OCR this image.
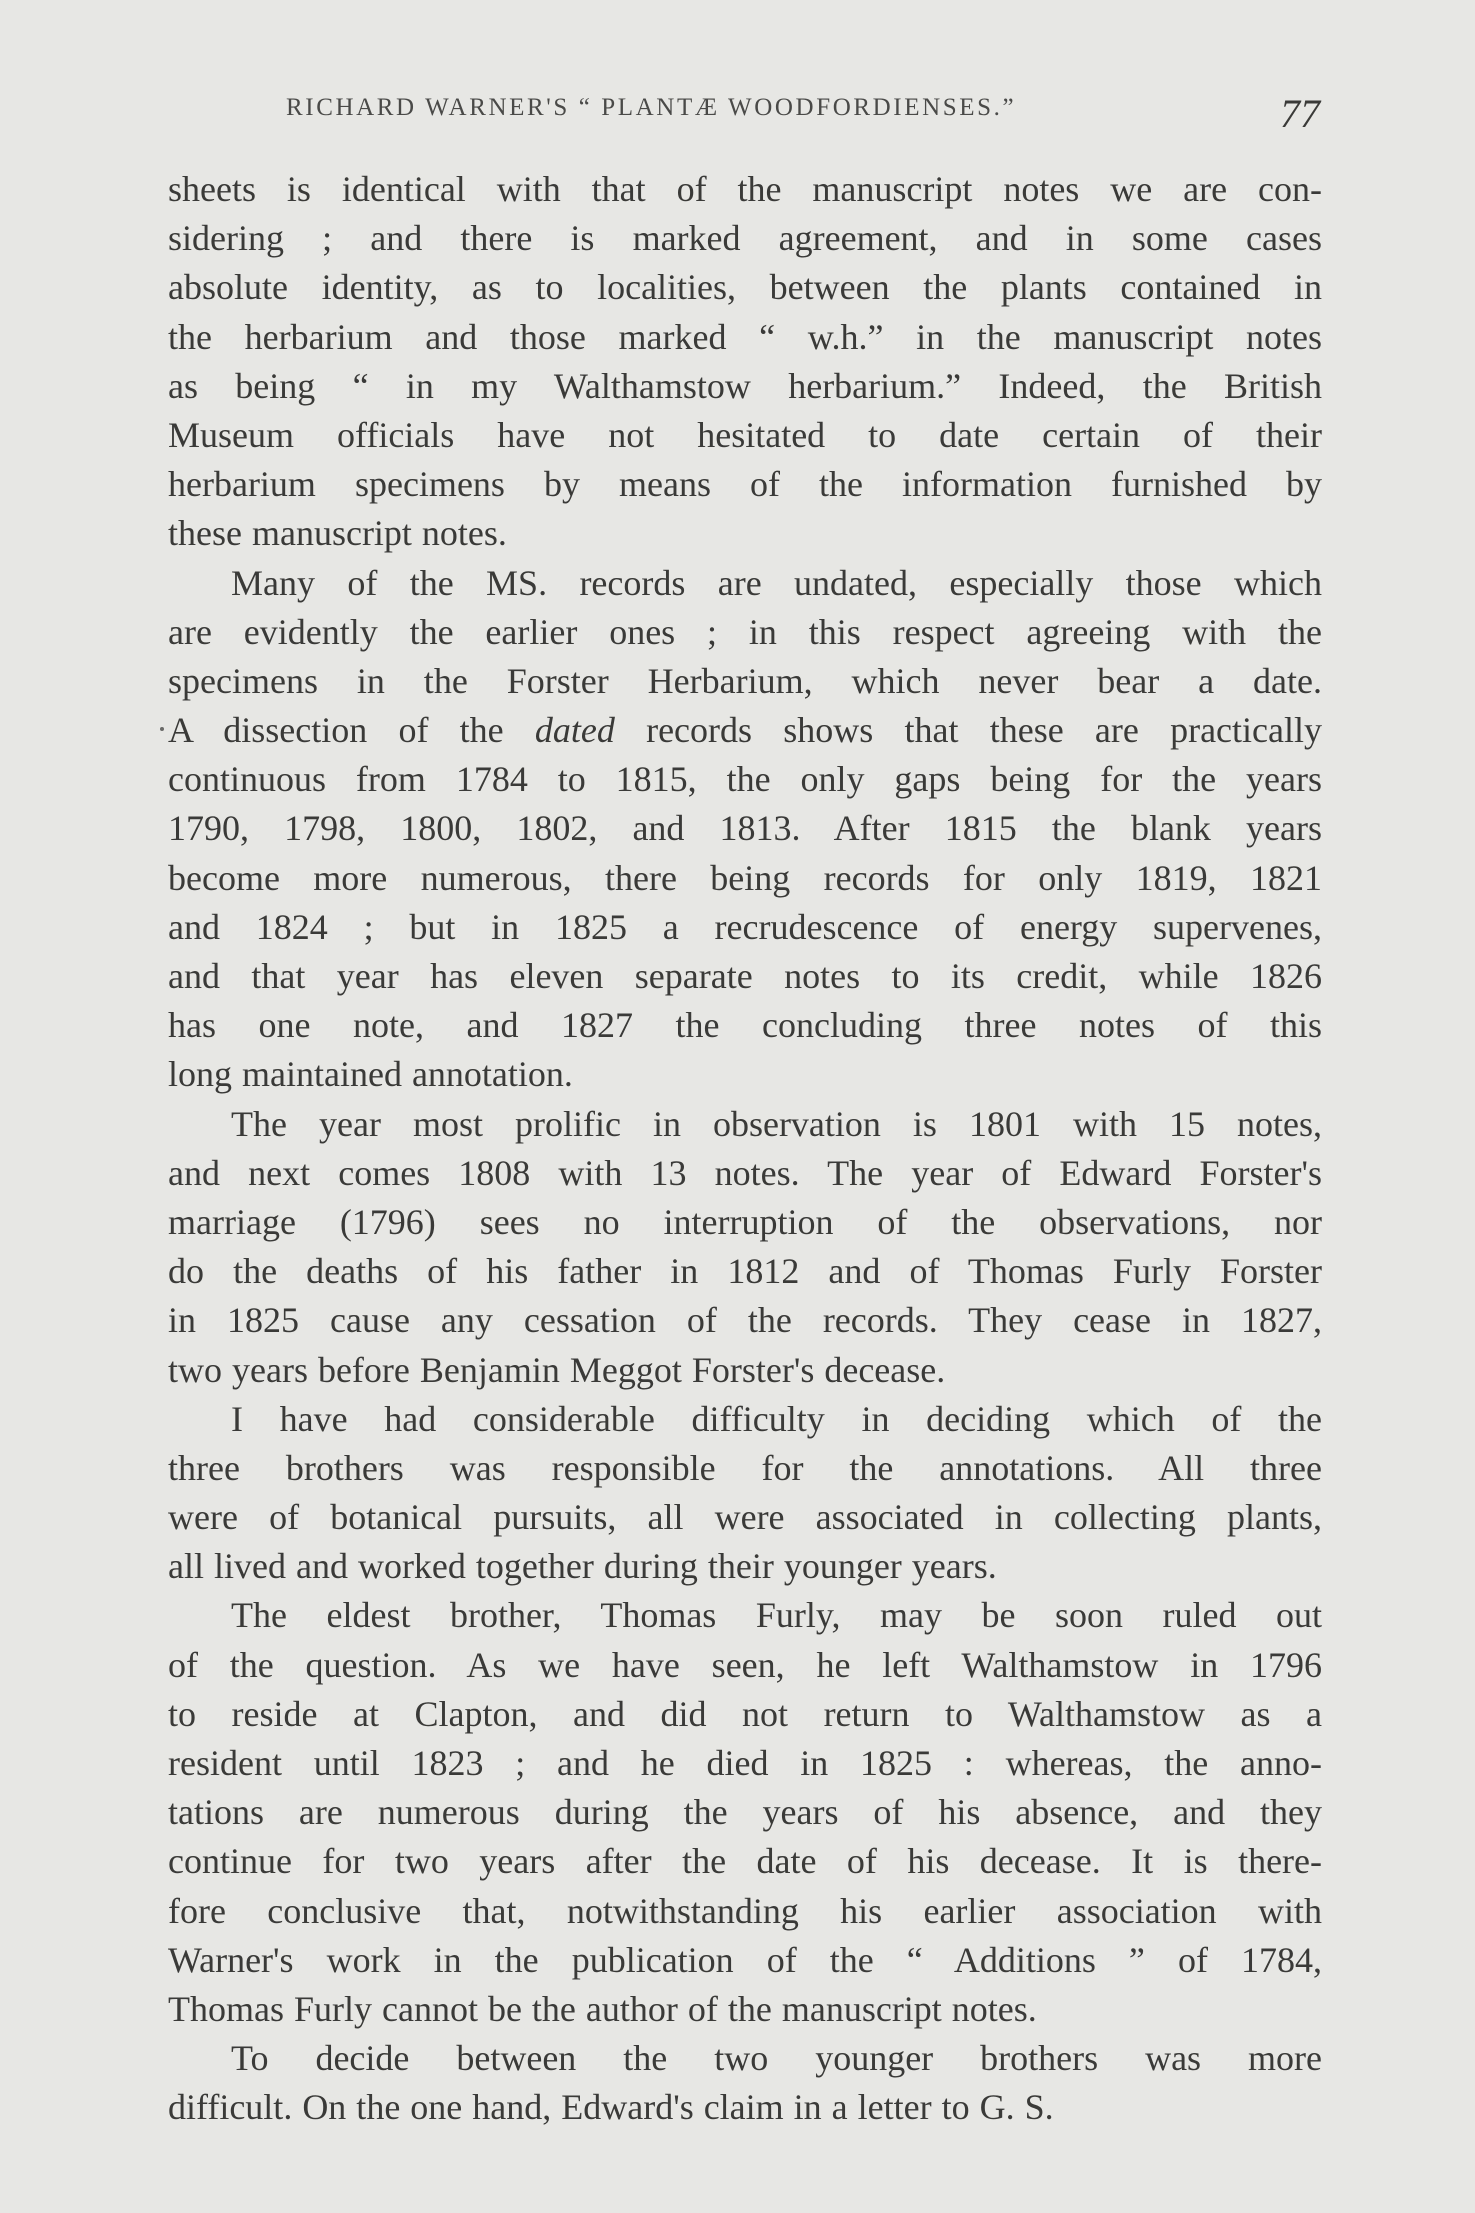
RICHARD WARNER'S “ PLANTÆ WOODFORDIENSES.”	77
sheets is identical with that of the manuscript notes we are con-
sidering ; and there is marked agreement, and in some cases
absolute identity, as to localities, between the plants contained in
the herbarium and those marked “ w.h.” in the manuscript notes
as being “ in my Walthamstow herbarium.” Indeed, the British
Museum officials have not hesitated to date certain of their
herbarium specimens by means of the information furnished by
these manuscript notes.
Many of the MS. records are undated, especially those which
are evidently the earlier ones ; in this respect agreeing with the
specimens in the Forster Herbarium, which never bear a date.
A dissection of the dated records shows that these are practically
continuous from 1784 to 1815, the only gaps being for the years
1790, 1798, 1800, 1802, and 1813. After 1815 the blank years
become more numerous, there being records for only 1819, 1821
and 1824 ; but in 1825 a recrudescence of energy supervenes,
and that year has eleven separate notes to its credit, while 1826
has one note, and 1827 the concluding three notes of this
long maintained annotation.
The year most prolific in observation is 1801 with 15 notes,
and next comes 1808 with 13 notes. The year of Edward Forster's
marriage (1796) sees no interruption of the observations, nor
do the deaths of his father in 1812 and of Thomas Furly Forster
in 1825 cause any cessation of the records. They cease in 1827,
two years before Benjamin Meggot Forster's decease.
I have had considerable difficulty in deciding which of the
three brothers was responsible for the annotations. All three
were of botanical pursuits, all were associated in collecting plants,
all lived and worked together during their younger years.
The eldest brother, Thomas Furly, may be soon ruled out
of the question. As we have seen, he left Walthamstow in 1796
to reside at Clapton, and did not return to Walthamstow as a
resident until 1823 ; and he died in 1825 : whereas, the anno-
tations are numerous during the years of his absence, and they
continue for two years after the date of his decease. It is there-
fore conclusive that, notwithstanding his earlier association with
Warner's work in the publication of the “ Additions ” of 1784,
Thomas Furly cannot be the author of the manuscript notes.
To decide between the two younger brothers was more
difficult. On the one hand, Edward's claim in a letter to G. S.
